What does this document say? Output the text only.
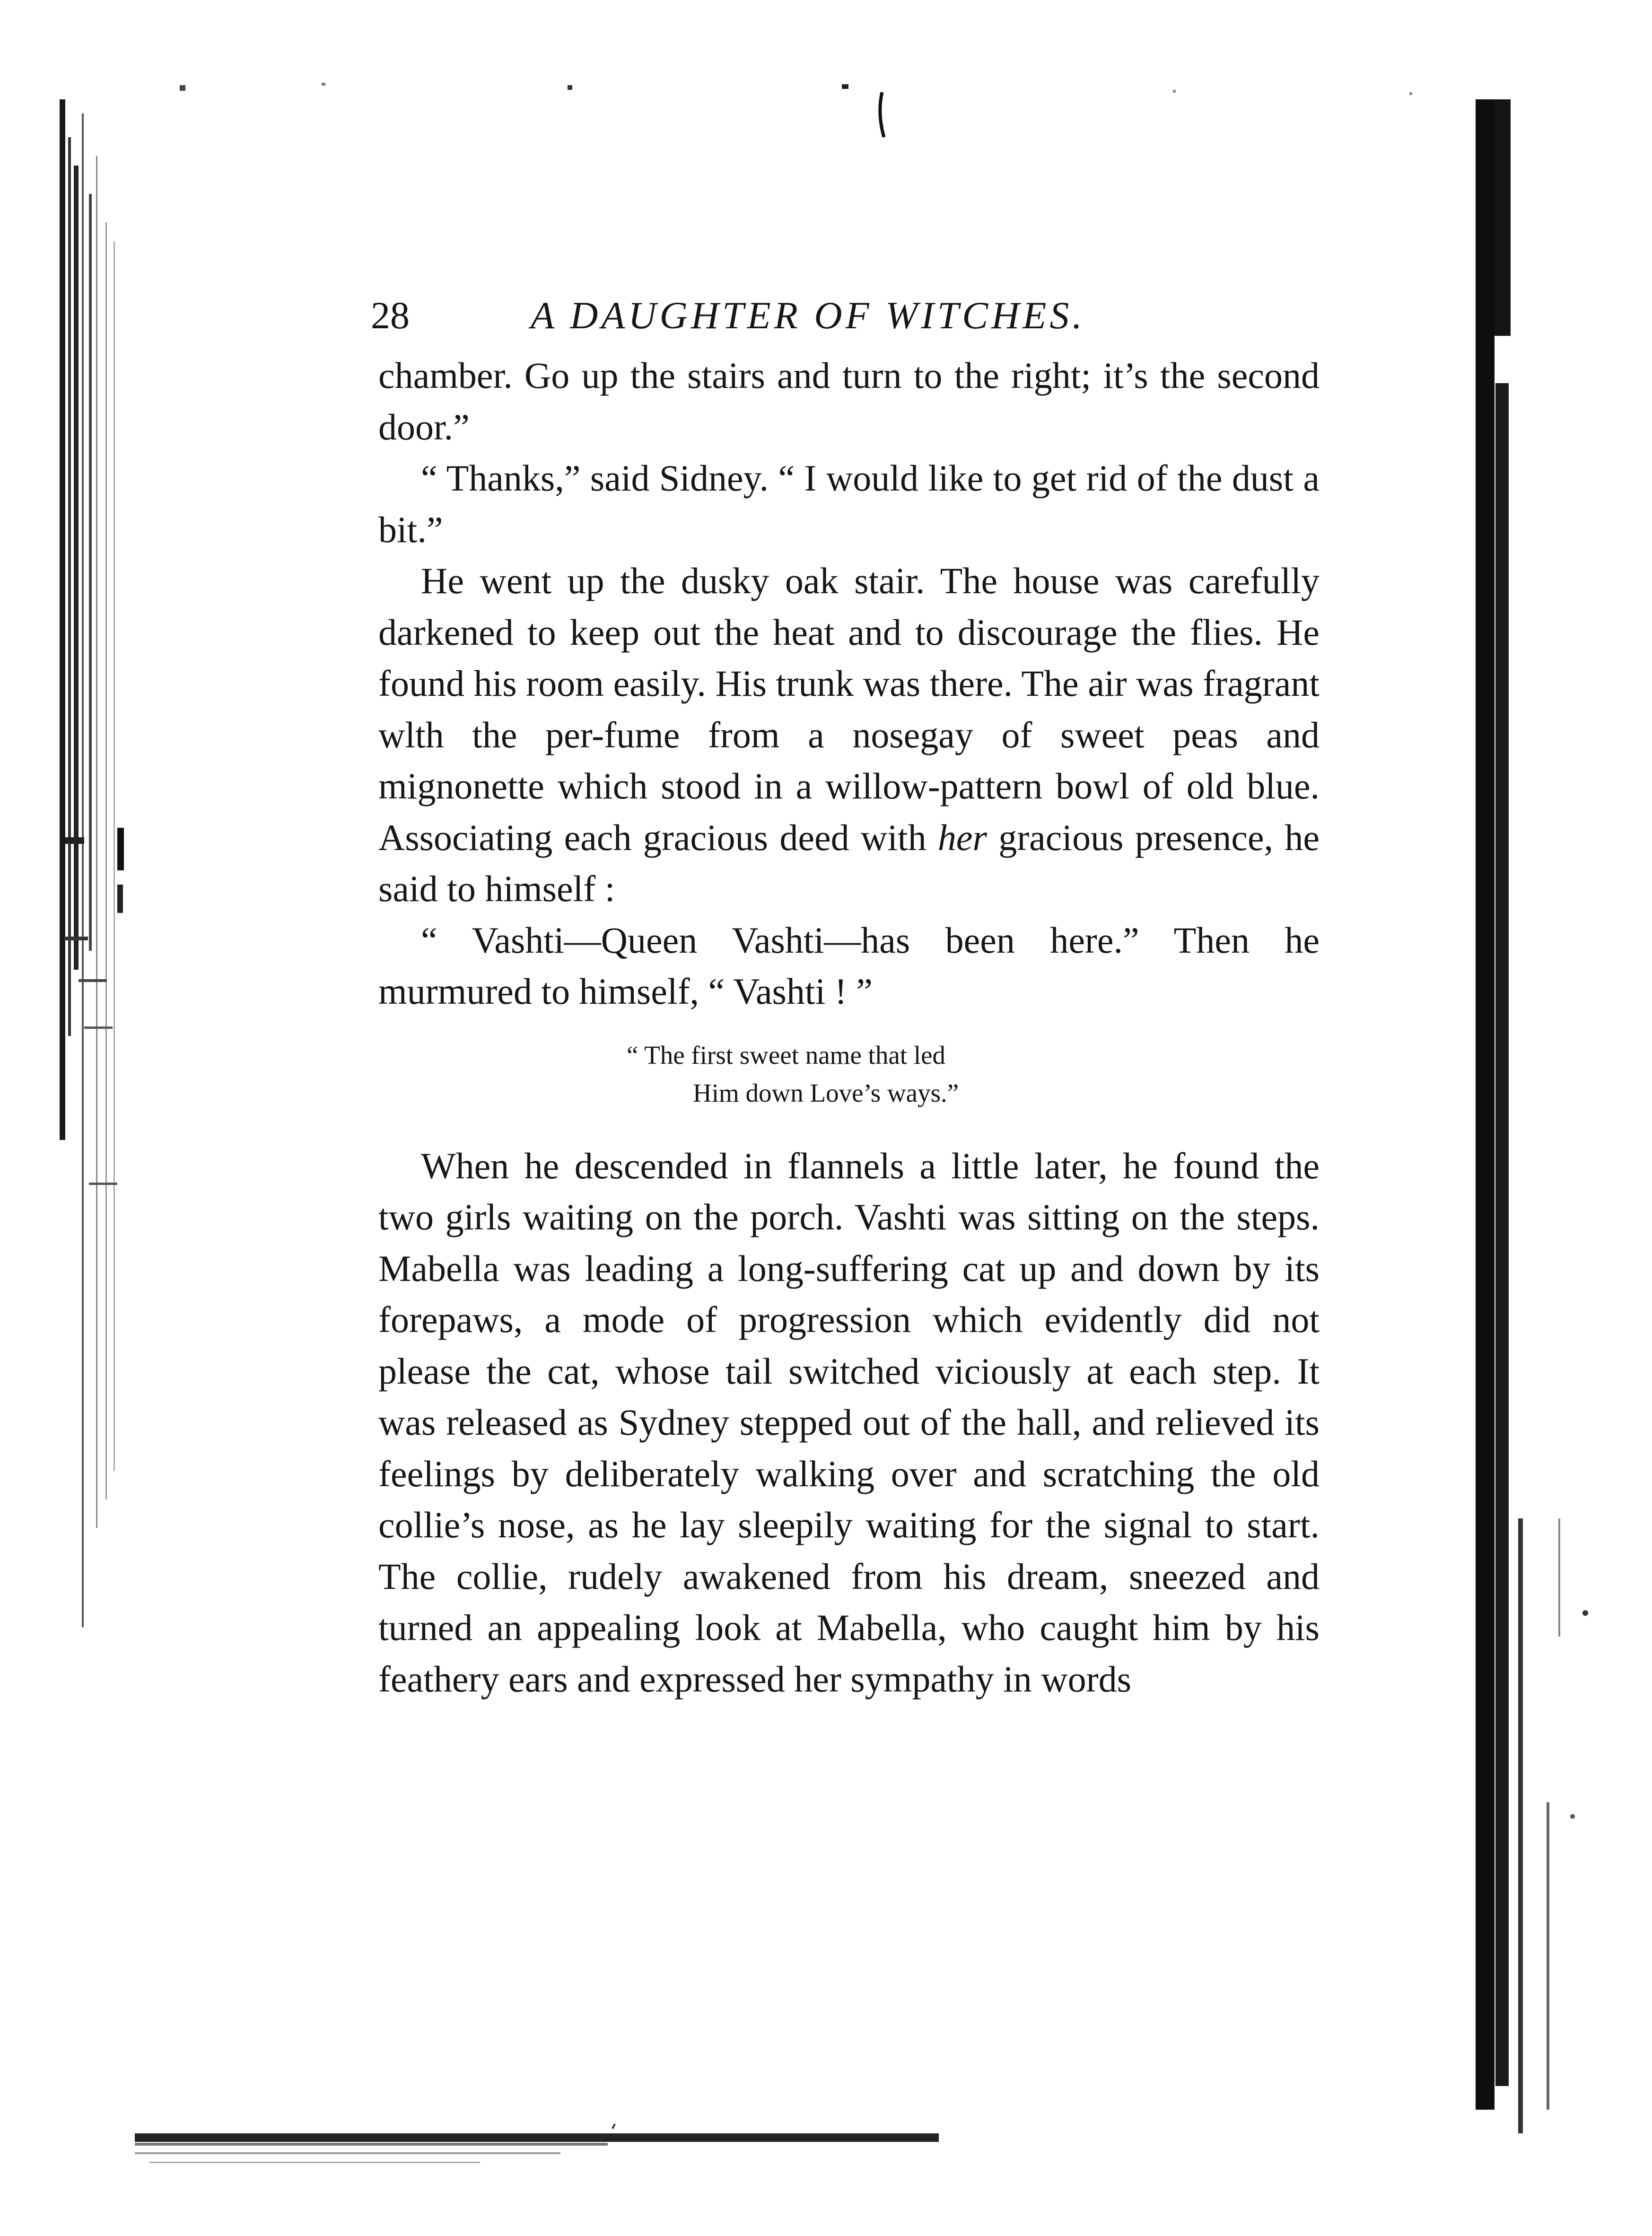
28	A DAUGHTER OF WITCHES.

chamber. Go up the stairs and turn to the right; it’s the second door.”

“ Thanks,” said Sidney. “ I would like to get rid of the dust a bit.”

He went up the dusky oak stair. The house was carefully darkened to keep out the heat and to discourage the flies. He found his room easily. His trunk was there. The air was fragrant wlth the per-fume from a nosegay of sweet peas and mignonette which stood in a willow-pattern bowl of old blue. Associating each gracious deed with her gracious presence, he said to himself :

“ Vashti—Queen Vashti—has been here.” Then he murmured to himself, “ Vashti ! ”

“ The first sweet name that led
Him down Love’s ways.”

When he descended in flannels a little later, he found the two girls waiting on the porch. Vashti was sitting on the steps. Mabella was leading a long-suffering cat up and down by its forepaws, a mode of progression which evidently did not please the cat, whose tail switched viciously at each step. It was released as Sydney stepped out of the hall, and relieved its feelings by deliberately walking over and scratching the old collie’s nose, as he lay sleepily waiting for the signal to start. The collie, rudely awakened from his dream, sneezed and turned an appealing look at Mabella, who caught him by his feathery ears and expressed her sympathy in words
